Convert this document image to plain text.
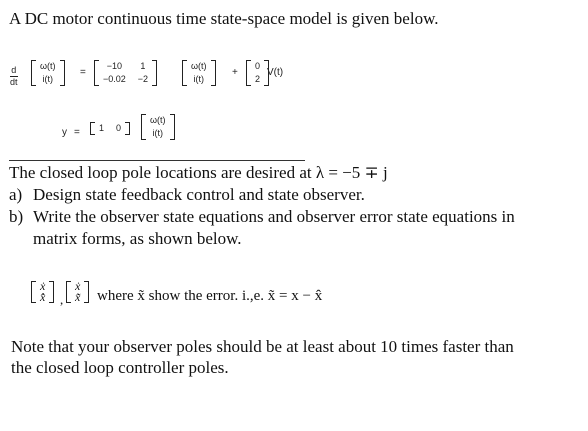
A DC motor continuous time state-space model is given below.
$\frac{d}{dt} \omega(t)$
i(t)
=
−10	1
−0.02 −2
ω(t)
i(t)
+
0
2
V(t)
y = 1 0
ω(t)
i(t)
The closed loop pole locations are desired at λ = −5 ∓ j
a) Design state feedback control and state observer.
b) Write the observer state equations and observer error state equations in
matrix forms, as shown below.
ẋ
x̂̇ ,
ẋ
x̃̇ where x̃ show the error. i.,e. x̃ = x − x̂
Note that your observer poles should be at least about 10 times faster than
the closed loop controller poles.
